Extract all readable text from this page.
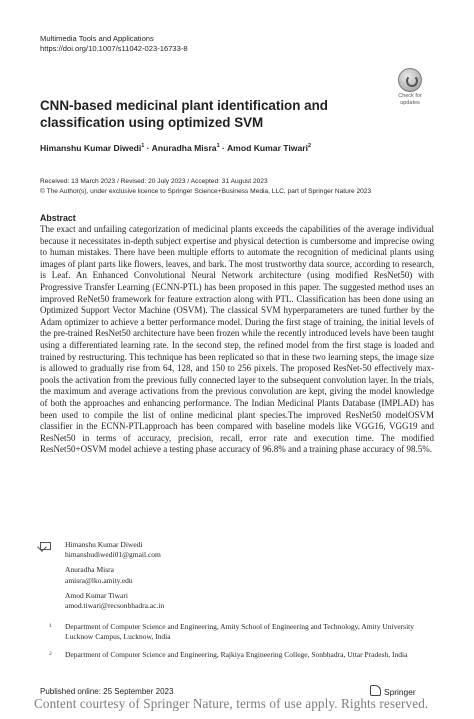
Multimedia Tools and Applications
https://doi.org/10.1007/s11042-023-16733-8
Check for
updates
CNN-based medicinal plant identification and classification using optimized SVM
Himanshu Kumar Diwedi$^1$ · Anuradha Misra$^1$ · Amod Kumar Tiwari$^2$
Received: 13 March 2023 / Revised: 20 July 2023 / Accepted: 31 August 2023
© The Author(s), under exclusive licence to Springer Science+Business Media, LLC, part of Springer Nature 2023
Abstract
The exact and unfailing categorization of medicinal plants exceeds the capabilities of the average individual because it necessitates in-depth subject expertise and physical detection is cumbersome and imprecise owing to human mistakes. There have been multiple efforts to automate the recognition of medicinal plants using images of plant parts like flowers, leaves, and bark. The most trustworthy data source, according to research, is Leaf. An Enhanced Convolutional Neural Network architecture (using modified ResNet50) with Progressive Transfer Learning (ECNN-PTL) has been proposed in this paper. The suggested method uses an improved ReNet50 framework for feature extraction along with PTL. Classification has been done using an Optimized Support Vector Machine (OSVM). The classical SVM hyperparameters are tuned further by the Adam optimizer to achieve a better performance model. During the first stage of training, the initial levels of the pre-trained ResNet50 architecture have been frozen while the recently introduced levels have been taught using a differentiated learning rate. In the second step, the refined model from the first stage is loaded and trained by restructuring. This technique has been replicated so that in these two learning steps, the image size is allowed to gradually rise from 64, 128, and 150 to 256 pixels. The proposed ResNet-50 effectively max-pools the activation from the previous fully connected layer to the subsequent convolution layer. In the trials, the maximum and average activations from the previous convolution are kept, giving the model knowledge of both the approaches and enhancing performance. The Indian Medicinal Plants Database (IMPLAD) has been used to compile the list of online medicinal plant species.The improved ResNet50 modelOSVM classifier in the ECNN-PTLapproach has been compared with baseline models like VGG16, VGG19 and ResNet50 in terms of accuracy, precision, recall, error rate and execution time. The modified ResNet50+OSVM model achieve a testing phase accuracy of 96.8% and a training phase accuracy of 98.5%.
Himanshu Kumar Diwedi
himanshudiwedi01@gmail.com
Anuradha Misra
amisra@lko.amity.edu
Amod Kumar Tiwari
amod.tiwari@recsonbhadra.ac.in
1 Department of Computer Science and Engineering, Amity School of Engineering and Technology, Amity University Lucknow Campus, Lucknow, India
2 Department of Computer Science and Engineering, Rajkiya Engineering College, Sonbhadra, Uttar Pradesh, India
Published online: 25 September 2023	Springer
Content courtesy of Springer Nature, terms of use apply. Rights reserved.
